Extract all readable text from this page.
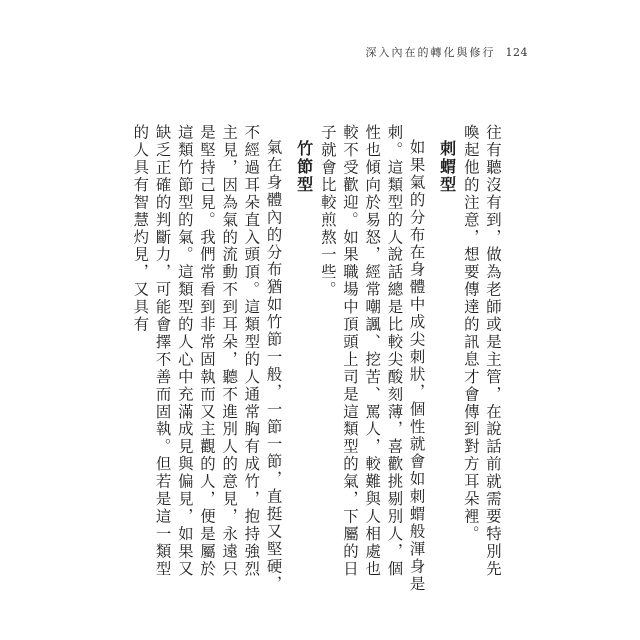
深入內在的轉化與修行 124

往有聽沒有到，做為老師或是主管，在說話前就需要特別先喚起他的注意，想要傳達的訊息才會傳到對方耳朵裡。

刺蝟型

如果氣的分布在身體中成尖刺狀，個性就會如刺蝟般渾身是刺。這類型的人說話總是比較尖酸刻薄，喜歡挑剔別人，個性也傾向於易怒，經常嘲諷、挖苦、罵人，較難與人相處也較不受歡迎。如果職場中頂頭上司是這類型的氣，下屬的日子就會比較煎熬一些。

竹節型

氣在身體內的分布猶如竹節一般，一節一節，直挺又堅硬，不經過耳朵直入頭頂。這類型的人通常胸有成竹，抱持強烈主見，因為氣的流動不到耳朵，聽不進別人的意見，永遠只是堅持己見。我們常看到非常固執而又主觀的人，便是屬於這類竹節型的氣。這類型的人心中充滿成見與偏見，如果又缺乏正確的判斷力，可能會擇不善而固執。但若是這一類型的人具有智慧灼見，又具有
